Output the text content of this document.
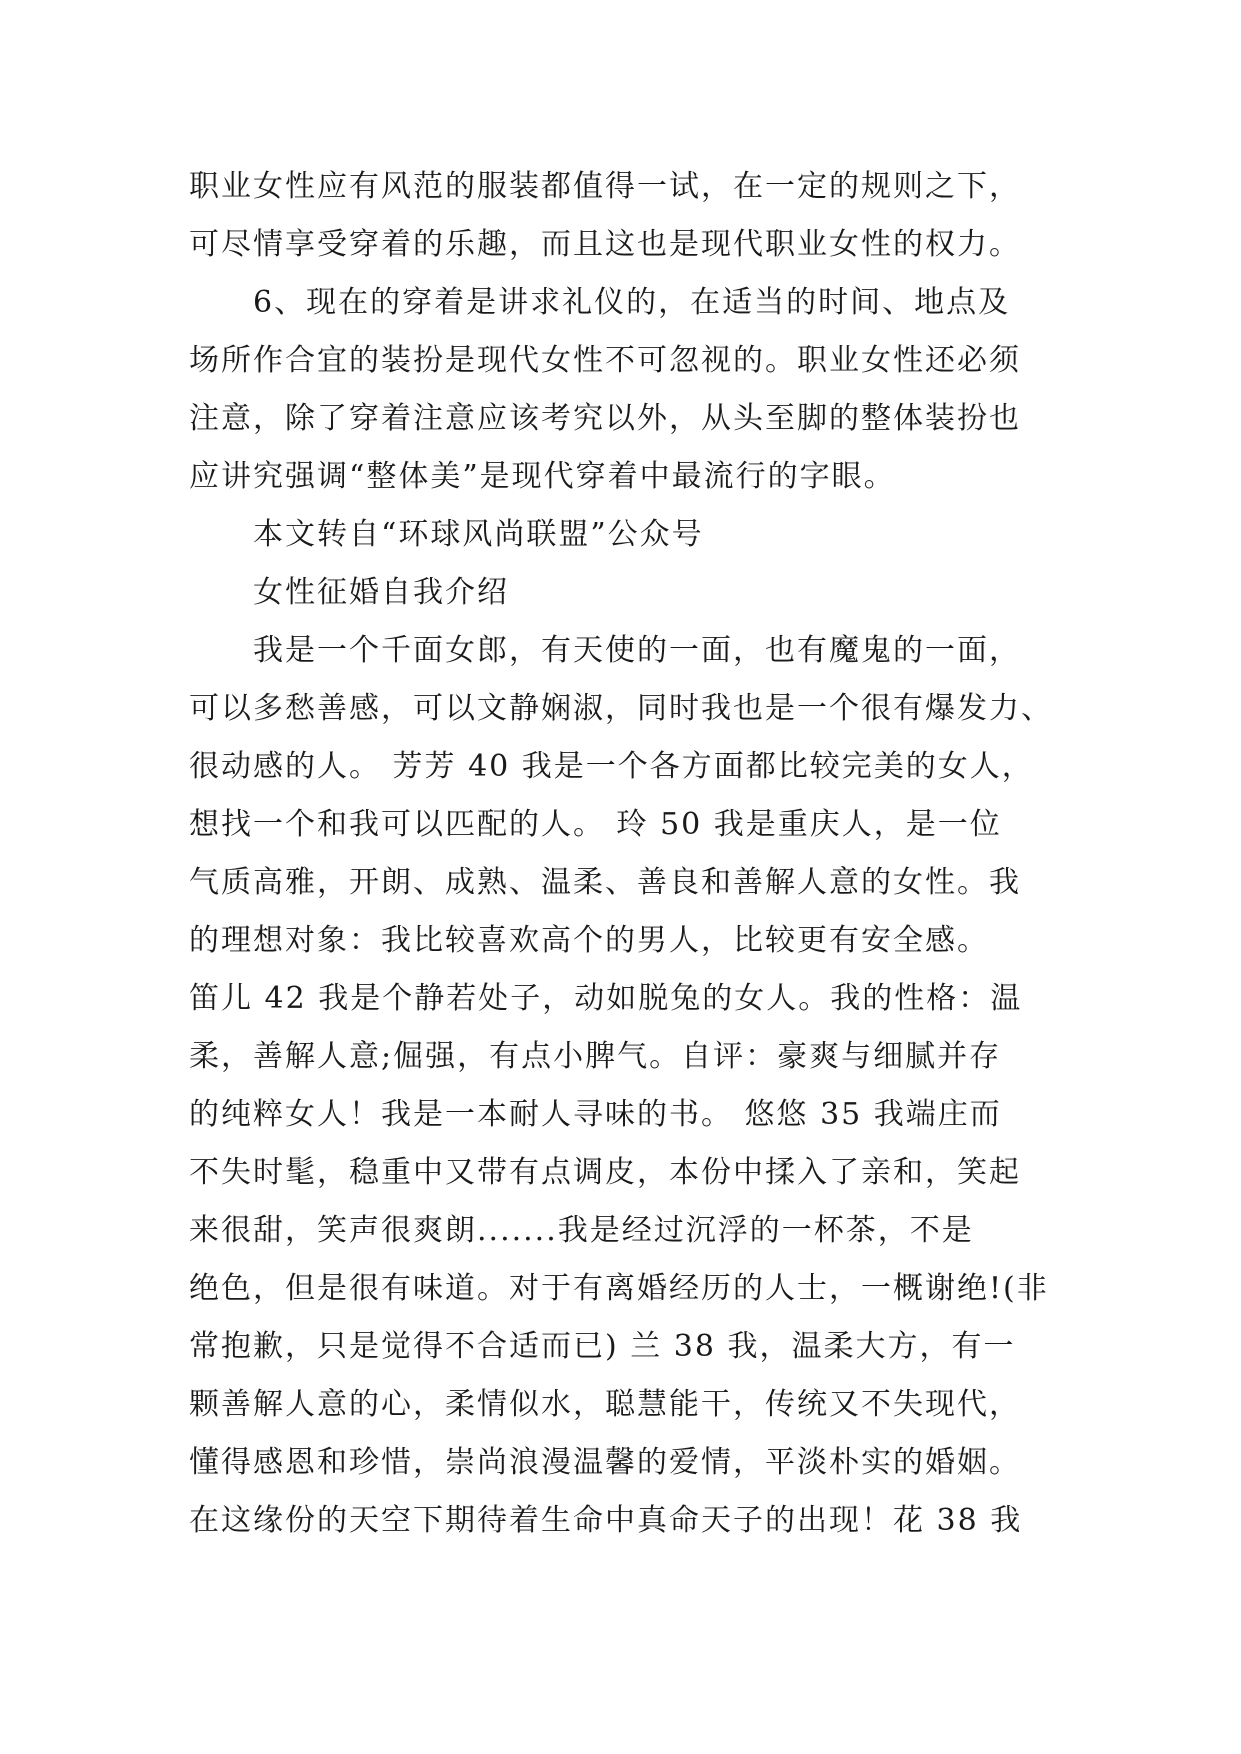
职业女性应有风范的服装都值得一试，在一定的规则之下，
可尽情享受穿着的乐趣，而且这也是现代职业女性的权力。
6、现在的穿着是讲求礼仪的，在适当的时间、地点及
场所作合宜的装扮是现代女性不可忽视的。职业女性还必须
注意，除了穿着注意应该考究以外，从头至脚的整体装扮也
应讲究强调“整体美”是现代穿着中最流行的字眼。
本文转自“环球风尚联盟”公众号
女性征婚自我介绍
我是一个千面女郎，有天使的一面，也有魔鬼的一面，
可以多愁善感，可以文静娴淑，同时我也是一个很有爆发力、
很动感的人。 芳芳 40 我是一个各方面都比较完美的女人，
想找一个和我可以匹配的人。 玲 50 我是重庆人，是一位
气质高雅，开朗、成熟、温柔、善良和善解人意的女性。我
的理想对象：我比较喜欢高个的男人，比较更有安全感。
笛儿 42 我是个静若处子，动如脱兔的女人。我的性格：温
柔，善解人意;倔强，有点小脾气。自评：豪爽与细腻并存
的纯粹女人！我是一本耐人寻味的书。 悠悠 35 我端庄而
不失时髦，稳重中又带有点调皮，本份中揉入了亲和，笑起
来很甜，笑声很爽朗.......我是经过沉浮的一杯茶，不是
绝色，但是很有味道。对于有离婚经历的人士，一概谢绝!(非
常抱歉，只是觉得不合适而已) 兰 38 我，温柔大方，有一
颗善解人意的心，柔情似水，聪慧能干，传统又不失现代，
懂得感恩和珍惜，崇尚浪漫温馨的爱情，平淡朴实的婚姻。
在这缘份的天空下期待着生命中真命天子的出现！花 38 我
